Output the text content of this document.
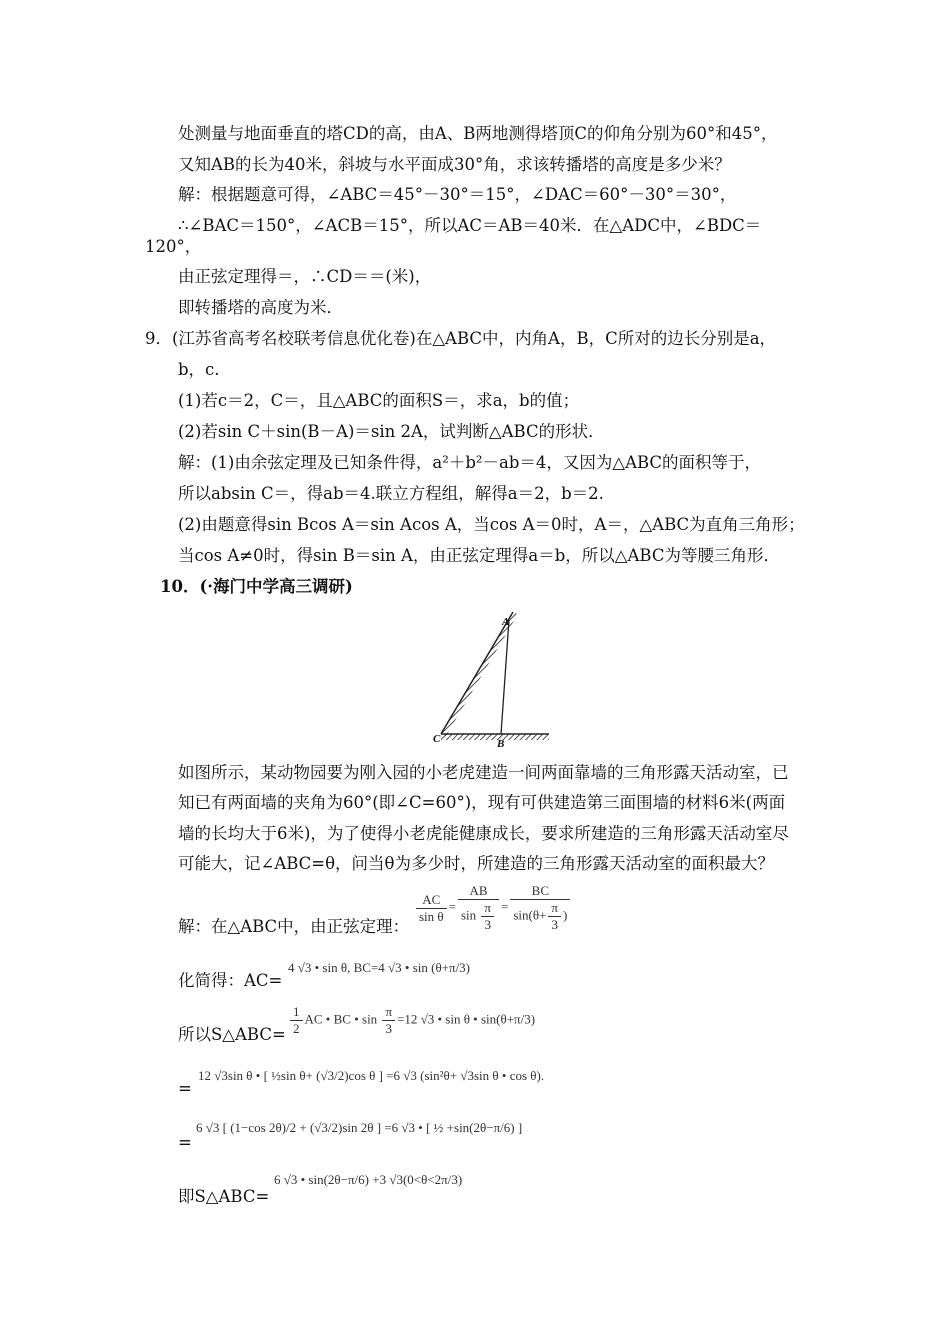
处测量与地面垂直的塔CD的高，由A、B两地测得塔顶C的仰角分别为60°和45°，
又知AB的长为40米，斜坡与水平面成30°角，求该转播塔的高度是多少米？
解：根据题意可得，∠ABC＝45°－30°＝15°，∠DAC＝60°－30°＝30°，
∴∠BAC＝150°，∠ACB＝15°，所以AC＝AB＝40米．在△ADC中，∠BDC＝
120°，
由正弦定理得＝，∴CD＝＝(米)，
即转播塔的高度为米．
9．(江苏省高考名校联考信息优化卷)在△ABC中，内角A，B，C所对的边长分别是a，
b，c.
(1)若c＝2，C＝，且△ABC的面积S＝，求a，b的值；
(2)若sin C＋sin(B－A)＝sin 2A，试判断△ABC的形状．
解：(1)由余弦定理及已知条件得，a²＋b²－ab＝4，又因为△ABC的面积等于，
所以absin C＝，得ab＝4.联立方程组，解得a＝2，b＝2.
(2)由题意得sin Bcos A＝sin Acos A，当cos A＝0时，A＝，△ABC为直角三角形；
当cos A≠0时，得sin B＝sin A，由正弦定理得a＝b，所以△ABC为等腰三角形．
10．(·海门中学高三调研)
A
C	B
如图所示，某动物园要为刚入园的小老虎建造一间两面靠墙的三角形露天活动室，已
知已有两面墙的夹角为60°(即∠C=60°)，现有可供建造第三面围墙的材料6米(两面
墙的长均大于6米)，为了使得小老虎能健康成长，要求所建造的三角形露天活动室尽
可能大，记∠ABC=θ，问当θ为多少时，所建造的三角形露天活动室的面积最大？
解：在△ABC中，由正弦定理：
$\frac{AC}{\text{sin θ}} = \frac{AB}{\sin \frac{\pi}{3}} = \frac{BC}{\sin(\theta+ \frac{\pi}{3} )}$
化简得：AC=
4 √3 • sin θ, BC=4 √3 • sin (θ+π/3)
所以S△ABC= $\frac{1}{2}$ AC • BC • $\sin \frac{\pi}{3} =12$ √3 • sin θ • sin(θ+π/3)
=
12 √3sin θ • [ ½sin θ+ (√3/2)cos θ ] =6 √3 (sin²θ+ √3sin θ • cos θ).
=
6 √3 [ (1−cos 2θ)/2 + (√3/2)sin 2θ ] =6 √3 • [ ½ +sin(2θ−π/6) ]
即S△ABC=
6 √3 • sin(2θ−π/6) +3 √3(0<θ<2π/3)
